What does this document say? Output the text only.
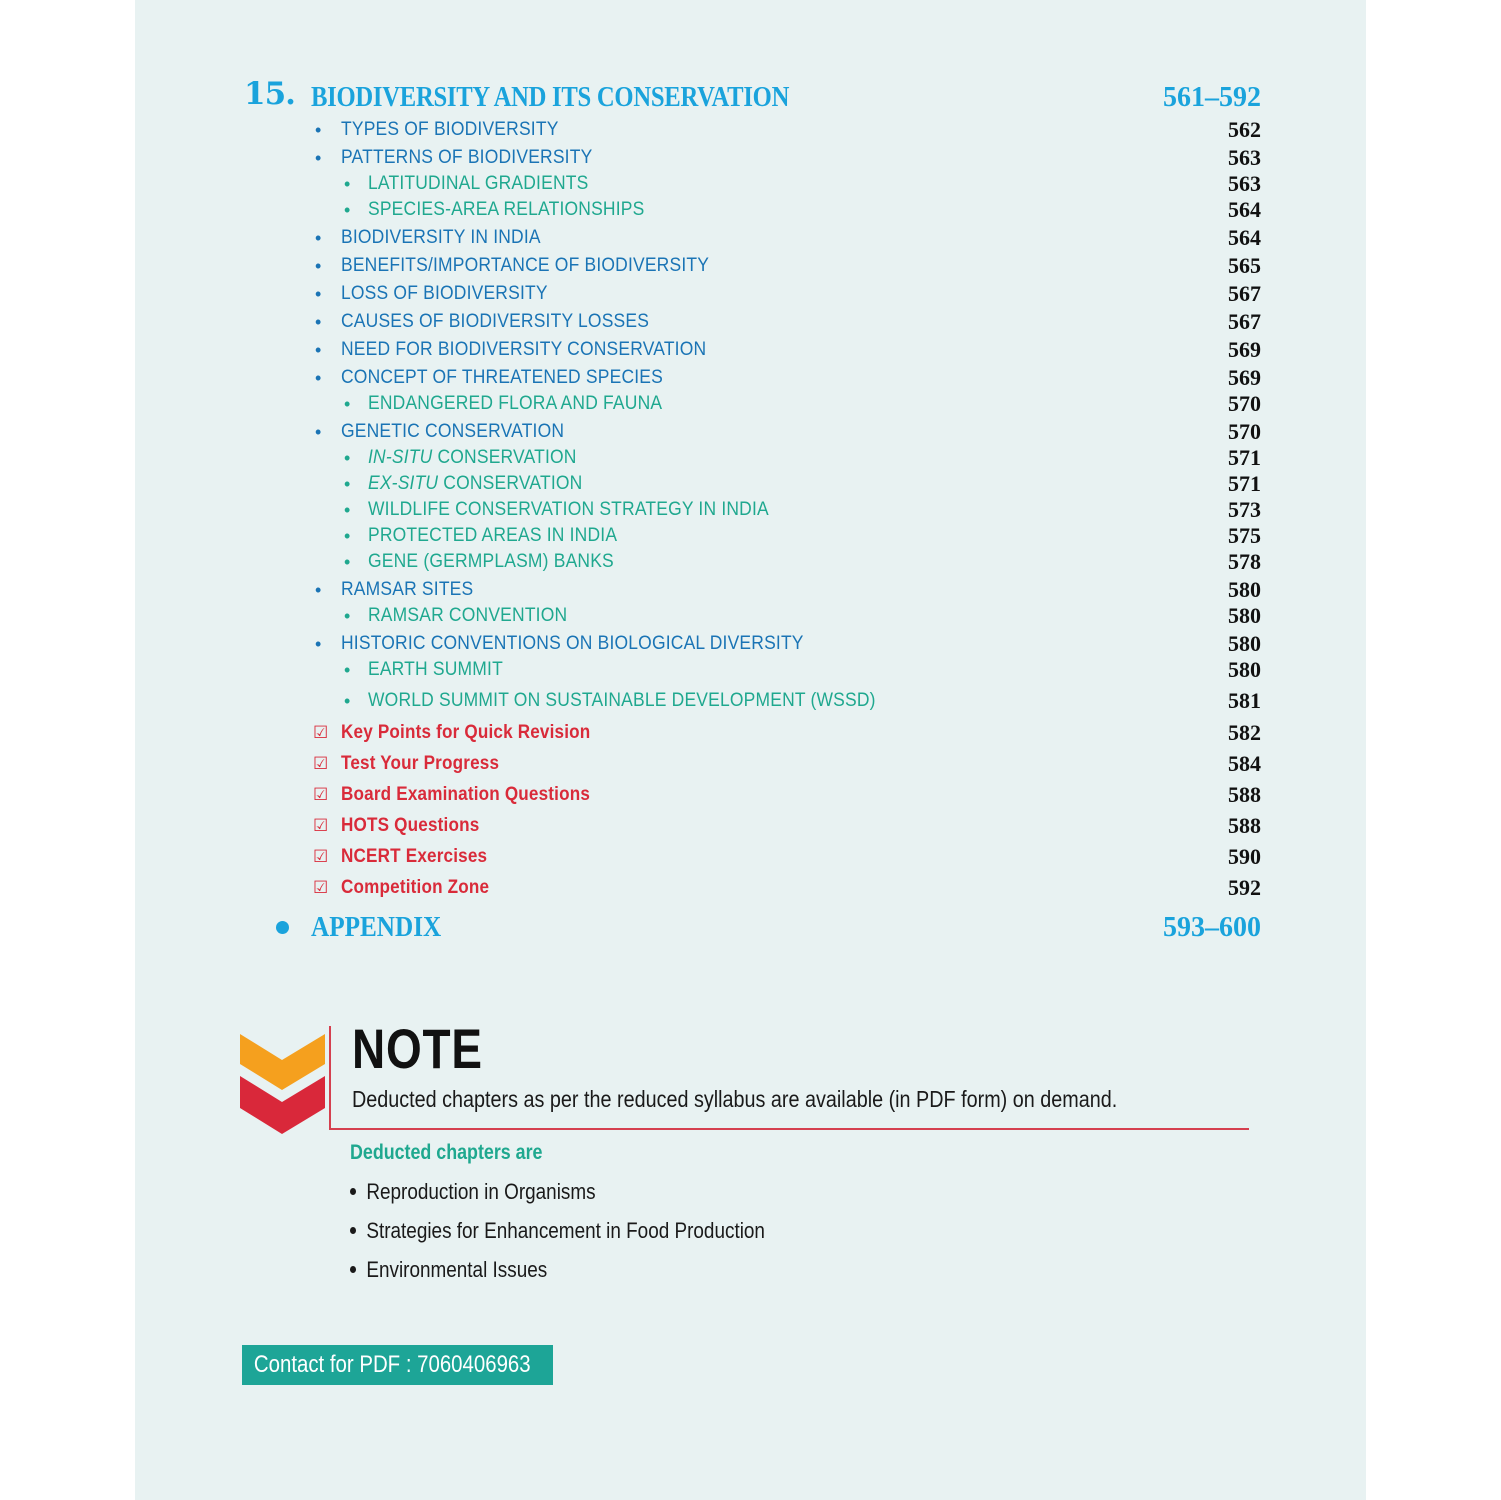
15. BIODIVERSITY AND ITS CONSERVATION	561–592
• TYPES OF BIODIVERSITY	562
• PATTERNS OF BIODIVERSITY	563
• LATITUDINAL GRADIENTS	563
• SPECIES-AREA RELATIONSHIPS	564
• BIODIVERSITY IN INDIA	564
• BENEFITS/IMPORTANCE OF BIODIVERSITY	565
• LOSS OF BIODIVERSITY	567
• CAUSES OF BIODIVERSITY LOSSES	567
• NEED FOR BIODIVERSITY CONSERVATION	569
• CONCEPT OF THREATENED SPECIES	569
• ENDANGERED FLORA AND FAUNA	570
• GENETIC CONSERVATION	570
• IN-SITU CONSERVATION	571
• EX-SITU CONSERVATION	571
• WILDLIFE CONSERVATION STRATEGY IN INDIA	573
• PROTECTED AREAS IN INDIA	575
• GENE (GERMPLASM) BANKS	578
• RAMSAR SITES	580
• RAMSAR CONVENTION	580
• HISTORIC CONVENTIONS ON BIOLOGICAL DIVERSITY	580
• EARTH SUMMIT	580
• WORLD SUMMIT ON SUSTAINABLE DEVELOPMENT (WSSD)	581
☑ Key Points for Quick Revision	582
☑ Test Your Progress	584
☑ Board Examination Questions	588
☑ HOTS Questions	588
☑ NCERT Exercises	590
☑ Competition Zone	592
APPENDIX	593–600
NOTE
Deducted chapters as per the reduced syllabus are available (in PDF form) on demand.
Deducted chapters are
Reproduction in Organisms
Strategies for Enhancement in Food Production
Environmental Issues
Contact for PDF : 7060406963
